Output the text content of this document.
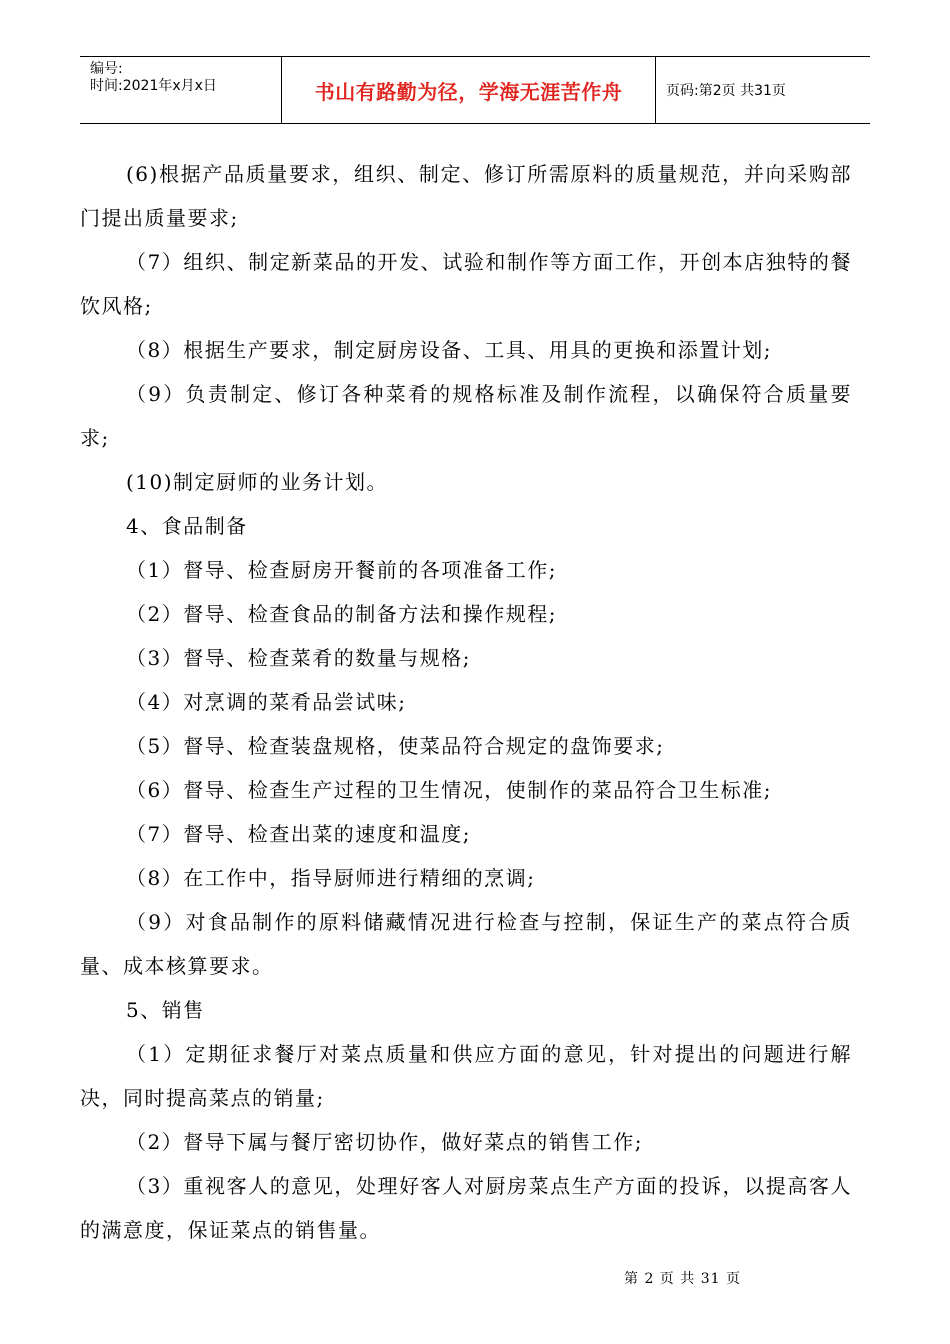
编号:
时间:2021年x月x日	书山有路勤为径，学海无涯苦作舟	页码:第2页 共31页

(6)根据产品质量要求，组织、制定、修订所需原料的质量规范，并向采购部门提出质量要求;

（7）组织、制定新菜品的开发、试验和制作等方面工作，开创本店独特的餐饮风格;

（8）根据生产要求，制定厨房设备、工具、用具的更换和添置计划;

（9）负责制定、修订各种菜肴的规格标准及制作流程，以确保符合质量要求;

(10)制定厨师的业务计划。

4、食品制备

（1）督导、检查厨房开餐前的各项准备工作;

（2）督导、检查食品的制备方法和操作规程;

（3）督导、检查菜肴的数量与规格;

（4）对烹调的菜肴品尝试味;

（5）督导、检查装盘规格，使菜品符合规定的盘饰要求;

（6）督导、检查生产过程的卫生情况，使制作的菜品符合卫生标准;

（7）督导、检查出菜的速度和温度;

（8）在工作中，指导厨师进行精细的烹调;

（9）对食品制作的原料储藏情况进行检查与控制，保证生产的菜点符合质量、成本核算要求。

5、销售

（1）定期征求餐厅对菜点质量和供应方面的意见，针对提出的问题进行解决，同时提高菜点的销量;

（2）督导下属与餐厅密切协作，做好菜点的销售工作;

（3）重视客人的意见，处理好客人对厨房菜点生产方面的投诉，以提高客人的满意度，保证菜点的销售量。

第 2 页 共 31 页
